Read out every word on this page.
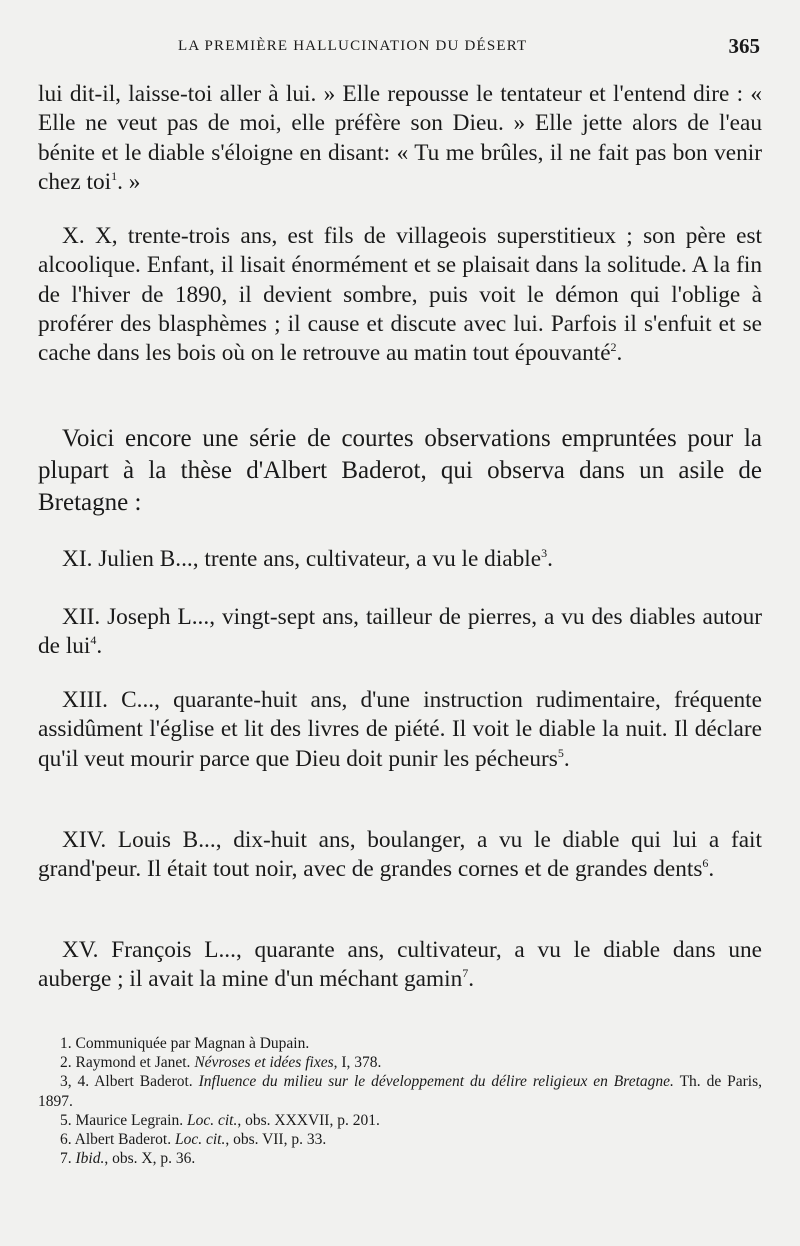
LA PREMIÈRE HALLUCINATION DU DÉSERT	365

lui dit-il, laisse-toi aller à lui. » Elle repousse le tentateur et l'entend dire : « Elle ne veut pas de moi, elle préfère son Dieu. » Elle jette alors de l'eau bénite et le diable s'éloigne en disant: « Tu me brûles, il ne fait pas bon venir chez toi$^1$. »

X. X, trente-trois ans, est fils de villageois superstitieux ; son père est alcoolique. Enfant, il lisait énormément et se plaisait dans la solitude. A la fin de l'hiver de 1890, il devient sombre, puis voit le démon qui l'oblige à proférer des blasphèmes ; il cause et discute avec lui. Parfois il s'enfuit et se cache dans les bois où on le retrouve au matin tout épouvanté$^2$.

Voici encore une série de courtes observations empruntées pour la plupart à la thèse d'Albert Baderot, qui observa dans un asile de Bretagne :

XI. Julien B..., trente ans, cultivateur, a vu le diable$^3$.

XII. Joseph L..., vingt-sept ans, tailleur de pierres, a vu des diables autour de lui$^4$.

XIII. C..., quarante-huit ans, d'une instruction rudimentaire, fréquente assidûment l'église et lit des livres de piété. Il voit le diable la nuit. Il déclare qu'il veut mourir parce que Dieu doit punir les pécheurs$^5$.

XIV. Louis B..., dix-huit ans, boulanger, a vu le diable qui lui a fait grand'peur. Il était tout noir, avec de grandes cornes et de grandes dents$^6$.

XV. François L..., quarante ans, cultivateur, a vu le diable dans une auberge ; il avait la mine d'un méchant gamin$^7$.

1. Communiquée par Magnan à Dupain.

2. Raymond et Janet. Névroses et idées fixes, I, 378.

3, 4. Albert Baderot. Influence du milieu sur le développement du délire religieux en Bretagne. Th. de Paris, 1897.

5. Maurice Legrain. Loc. cit., obs. XXXVII, p. 201.

6. Albert Baderot. Loc. cit., obs. VII, p. 33.

7. Ibid., obs. X, p. 36.
